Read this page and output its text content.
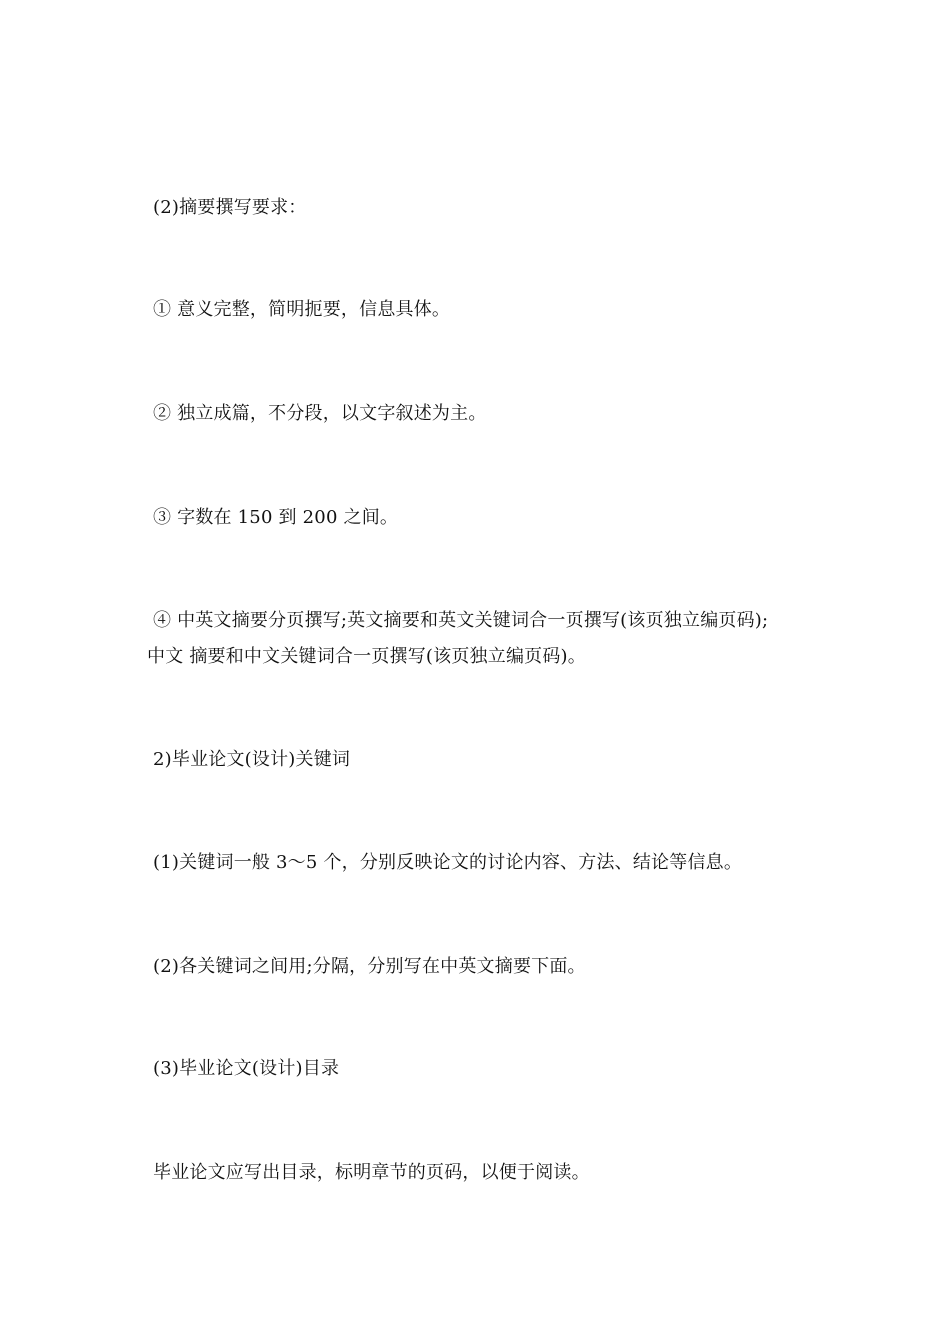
(2)摘要撰写要求：
① 意义完整，简明扼要，信息具体。
② 独立成篇，不分段，以文字叙述为主。
③ 字数在 150 到 200 之间。
④ 中英文摘要分页撰写;英文摘要和英文关键词合一页撰写(该页独立编页码);
中文 摘要和中文关键词合一页撰写(该页独立编页码)。
2)毕业论文(设计)关键词
(1)关键词一般 3～5 个，分别反映论文的讨论内容、方法、结论等信息。
(2)各关键词之间用;分隔，分别写在中英文摘要下面。
(3)毕业论文(设计)目录
毕业论文应写出目录，标明章节的页码，以便于阅读。
